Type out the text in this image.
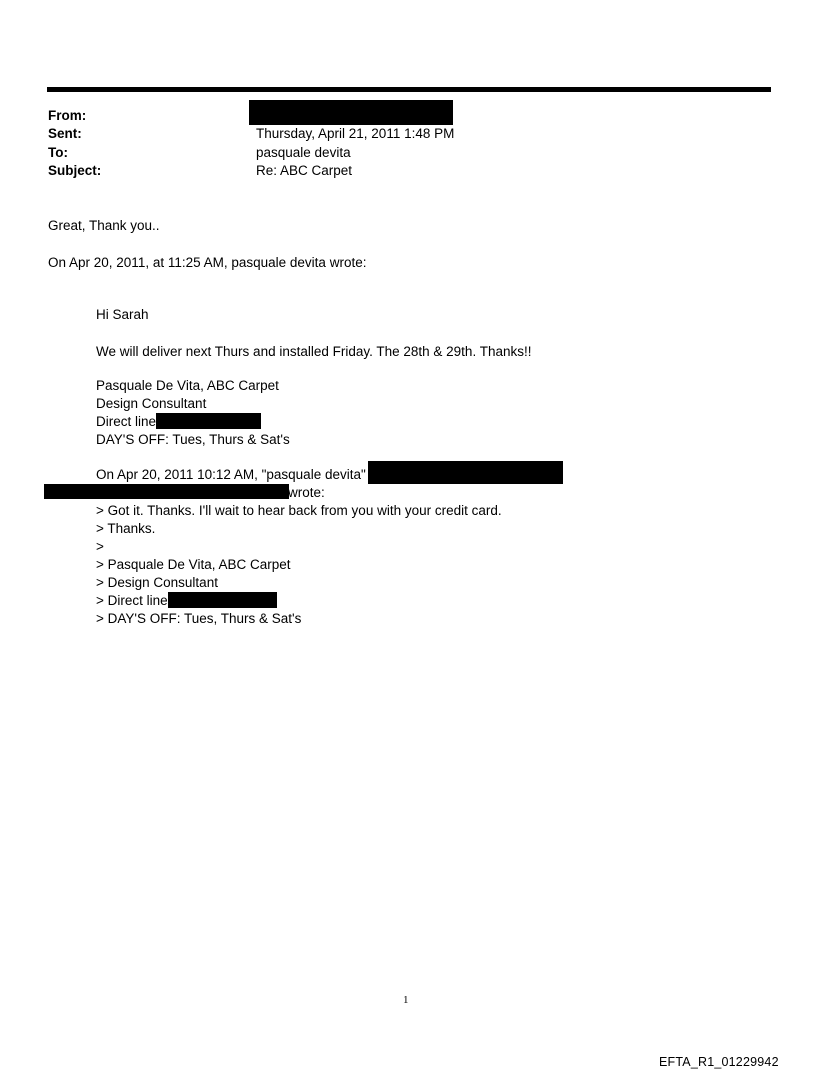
From:
Sent:	Thursday, April 21, 2011 1:48 PM
To:	pasquale devita
Subject:	Re: ABC Carpet
Great, Thank you..
On Apr 20, 2011, at 11:25 AM, pasquale devita wrote:
Hi Sarah
We will deliver next Thurs and installed Friday. The 28th & 29th. Thanks!!
Pasquale De Vita, ABC Carpet
Design Consultant
Direct line
DAY'S OFF: Tues, Thurs & Sat's
On Apr 20, 2011 10:12 AM, "pasquale devita"
wrote:
> Got it. Thanks. I'll wait to hear back from you with your credit card.
> Thanks.
>
> Pasquale De Vita, ABC Carpet
> Design Consultant
> Direct line
> DAY'S OFF: Tues, Thurs & Sat's
1
EFTA_R1_01229942
